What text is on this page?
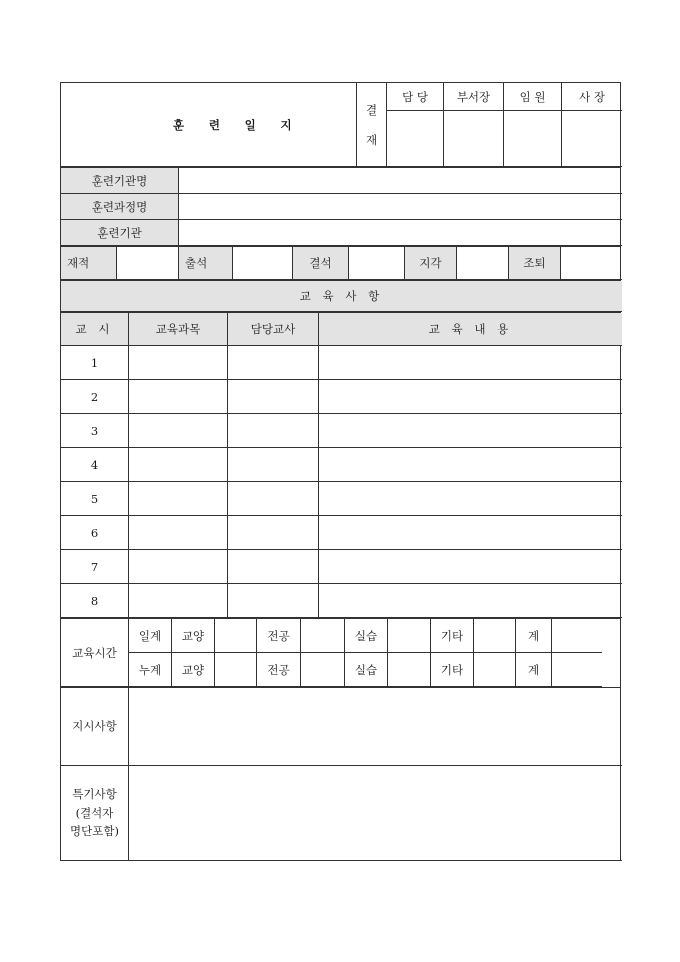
훈 련 일 지
결
재
담 당	부서장	임 원	사 장
훈련기관명
훈련과정명
훈련기관
재적	출석	결석	지각	조퇴
교 육 사 항
교 시	교육과목	담당교사	교 육 내 용
1
2
3
4
5
6
7
8
교육시간
일계	교양	전공	실습	기타	계
누계	교양	전공	실습	기타	계
지시사항
특기사항
(결석자
명단포함)
